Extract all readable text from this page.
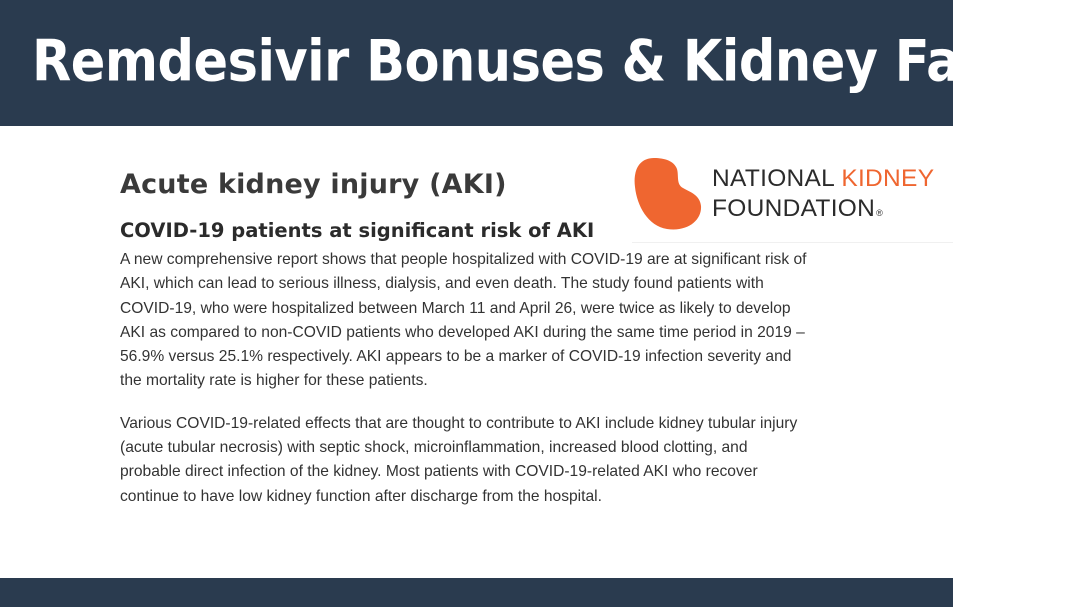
Remdesivir Bonuses & Kidney Failure
Acute kidney injury (AKI)
COVID-19 patients at significant risk of AKI

A new comprehensive report shows that people hospitalized with COVID-19 are at significant risk of AKI, which can lead to serious illness, dialysis, and even death. The study found patients with COVID-19, who were hospitalized between March 11 and April 26, were twice as likely to develop AKI as compared to non-COVID patients who developed AKI during the same time period in 2019 – 56.9% versus 25.1% respectively. AKI appears to be a marker of COVID-19 infection severity and the mortality rate is higher for these patients.

Various COVID-19-related effects that are thought to contribute to AKI include kidney tubular injury (acute tubular necrosis) with septic shock, microinflammation, increased blood clotting, and probable direct infection of the kidney. Most patients with COVID-19-related AKI who recover continue to have low kidney function after discharge from the hospital.

NATIONAL KIDNEY
FOUNDATION®
